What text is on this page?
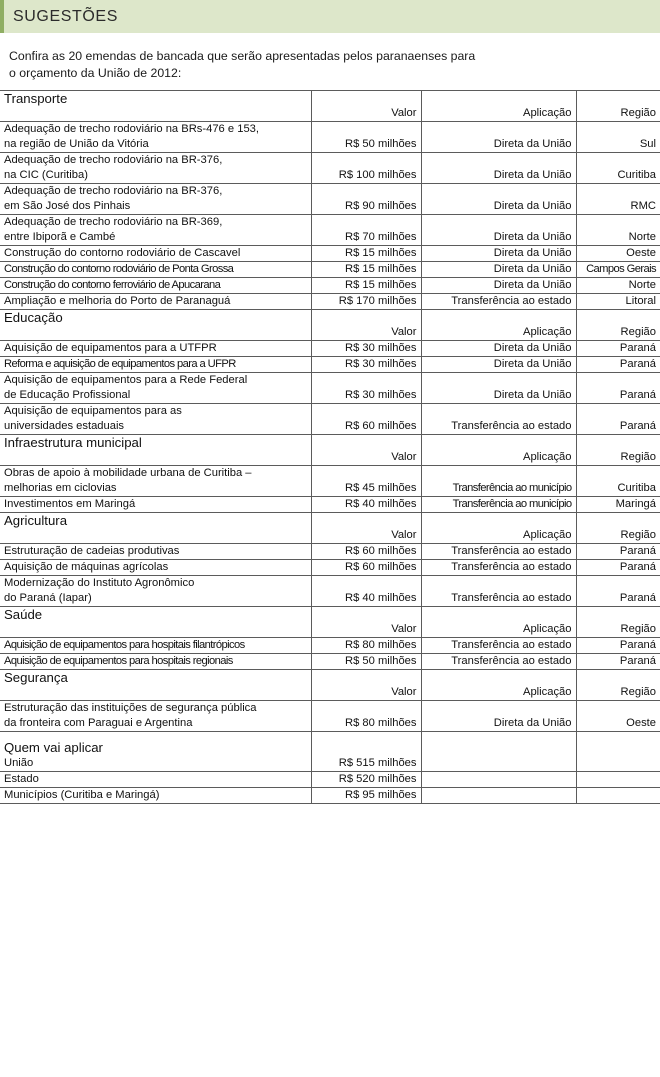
SUGESTÕES
Confira as 20 emendas de bancada que serão apresentadas pelos paranaenses para
o orçamento da União de 2012:
Transporte			
	Valor	Aplicação	Região

Adequação de trecho rodoviário na BRs-476 e 153,
na região de União da Vitória	R$ 50 milhões	Direta da União	Sul

Adequação de trecho rodoviário na BR-376,
na CIC (Curitiba)	R$ 100 milhões	Direta da União	Curitiba

Adequação de trecho rodoviário na BR-376,
em São José dos Pinhais	R$ 90 milhões	Direta da União	RMC

Adequação de trecho rodoviário na BR-369,
entre Ibiporã e Cambé	R$ 70 milhões	Direta da União	Norte
Construção do contorno rodoviário de Cascavel	R$ 15 milhões	Direta da União	Oeste
Construção do contorno rodoviário de Ponta Grossa	R$ 15 milhões	Direta da União	Campos Gerais
Construção do contorno ferroviário de Apucarana	R$ 15 milhões	Direta da União	Norte
Ampliação e melhoria do Porto de Paranaguá	R$ 170 milhões	Transferência ao estado	Litoral
Educação			
	Valor	Aplicação	Região
Aquisição de equipamentos para a UTFPR	R$ 30 milhões	Direta da União	Paraná
Reforma e aquisição de equipamentos para a UFPR	R$ 30 milhões	Direta da União	Paraná

Aquisição de equipamentos para a Rede Federal
de Educação Profissional	R$ 30 milhões	Direta da União	Paraná

Aquisição de equipamentos para as
universidades estaduais	R$ 60 milhões	Transferência ao estado	Paraná
Infraestrutura municipal			
	Valor	Aplicação	Região

Obras de apoio à mobilidade urbana de Curitiba –
melhorias em ciclovias	R$ 45 milhões	Transferência ao município	Curitiba
Investimentos em Maringá	R$ 40 milhões	Transferência ao município	Maringá
Agricultura			
	Valor	Aplicação	Região
Estruturação de cadeias produtivas	R$ 60 milhões	Transferência ao estado	Paraná
Aquisição de máquinas agrícolas	R$ 60 milhões	Transferência ao estado	Paraná

Modernização do Instituto Agronômico
do Paraná (Iapar)	R$ 40 milhões	Transferência ao estado	Paraná
Saúde			
	Valor	Aplicação	Região
Aquisição de equipamentos para hospitais filantrópicos	R$ 80 milhões	Transferência ao estado	Paraná
Aquisição de equipamentos para hospitais regionais	R$ 50 milhões	Transferência ao estado	Paraná
Segurança			
	Valor	Aplicação	Região

Estruturação das instituições de segurança pública
da fronteira com Paraguai e Argentina	R$ 80 milhões	Direta da União	Oeste

Quem vai aplicar
União	R$ 515 milhões		
Estado	R$ 520 milhões		
Municípios (Curitiba e Maringá)	R$ 95 milhões		
